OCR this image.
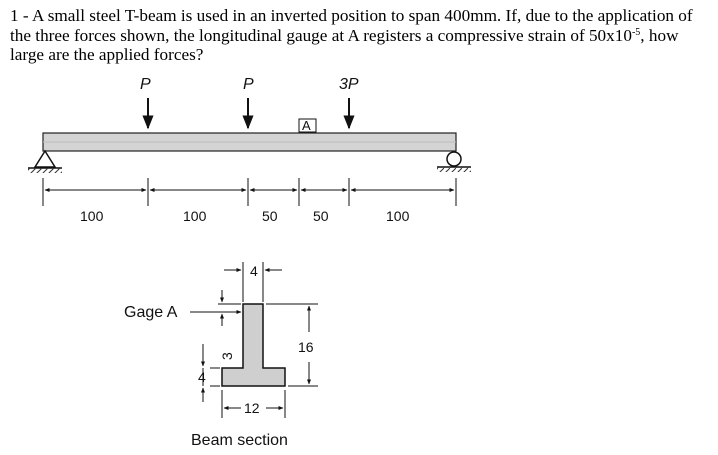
1 - A small steel T-beam is used in an inverted position to span 400mm. If, due to the application of the three forces shown, the longitudinal gauge at A registers a compressive strain of $50x10^{-5}$, how large are the applied forces?

P	P	3P
A
100	100	50	50	100
4
Gage A
3
4
16
12
Beam section
